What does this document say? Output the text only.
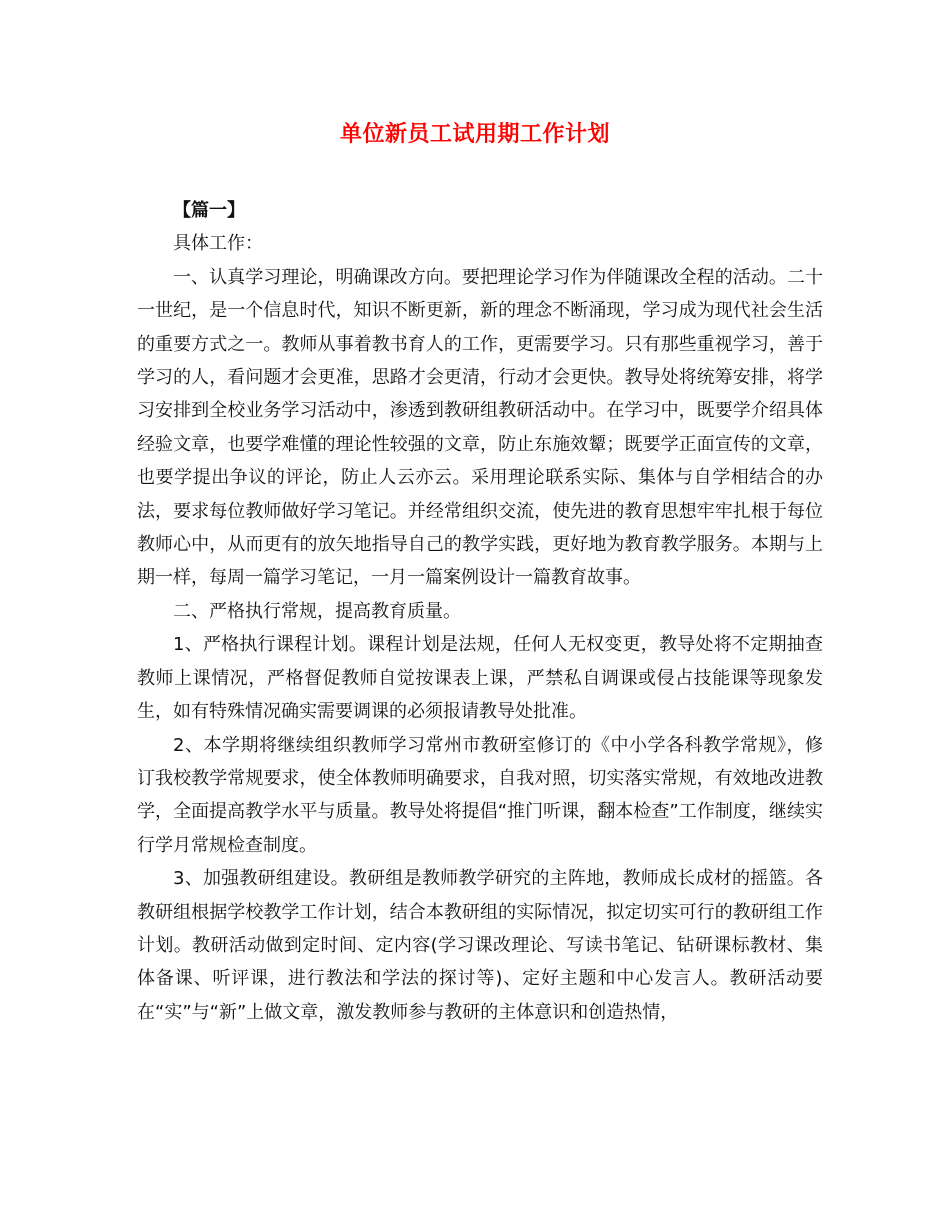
单位新员工试用期工作计划

【篇一】

具体工作：

一、认真学习理论，明确课改方向。要把理论学习作为伴随课改全程的活动。二十一世纪，是一个信息时代，知识不断更新，新的理念不断涌现，学习成为现代社会生活的重要方式之一。教师从事着教书育人的工作，更需要学习。只有那些重视学习，善于学习的人，看问题才会更准，思路才会更清，行动才会更快。教导处将统筹安排，将学习安排到全校业务学习活动中，渗透到教研组教研活动中。在学习中，既要学介绍具体经验文章，也要学难懂的理论性较强的文章，防止东施效颦；既要学正面宣传的文章，也要学提出争议的评论，防止人云亦云。采用理论联系实际、集体与自学相结合的办法，要求每位教师做好学习笔记。并经常组织交流，使先进的教育思想牢牢扎根于每位教师心中，从而更有的放矢地指导自己的教学实践，更好地为教育教学服务。本期与上期一样，每周一篇学习笔记，一月一篇案例设计一篇教育故事。

二、严格执行常规，提高教育质量。

1、严格执行课程计划。课程计划是法规，任何人无权变更，教导处将不定期抽查教师上课情况，严格督促教师自觉按课表上课，严禁私自调课或侵占技能课等现象发生，如有特殊情况确实需要调课的必须报请教导处批准。

2、本学期将继续组织教师学习常州市教研室修订的《中小学各科教学常规》，修订我校教学常规要求，使全体教师明确要求，自我对照，切实落实常规，有效地改进教学，全面提高教学水平与质量。教导处将提倡“推门听课，翻本检查”工作制度，继续实行学月常规检查制度。

3、加强教研组建设。教研组是教师教学研究的主阵地，教师成长成材的摇篮。各教研组根据学校教学工作计划，结合本教研组的实际情况，拟定切实可行的教研组工作计划。教研活动做到定时间、定内容(学习课改理论、写读书笔记、钻研课标教材、集体备课、听评课，进行教法和学法的探讨等)、定好主题和中心发言人。教研活动要在“实”与“新”上做文章，激发教师参与教研的主体意识和创造热情，
